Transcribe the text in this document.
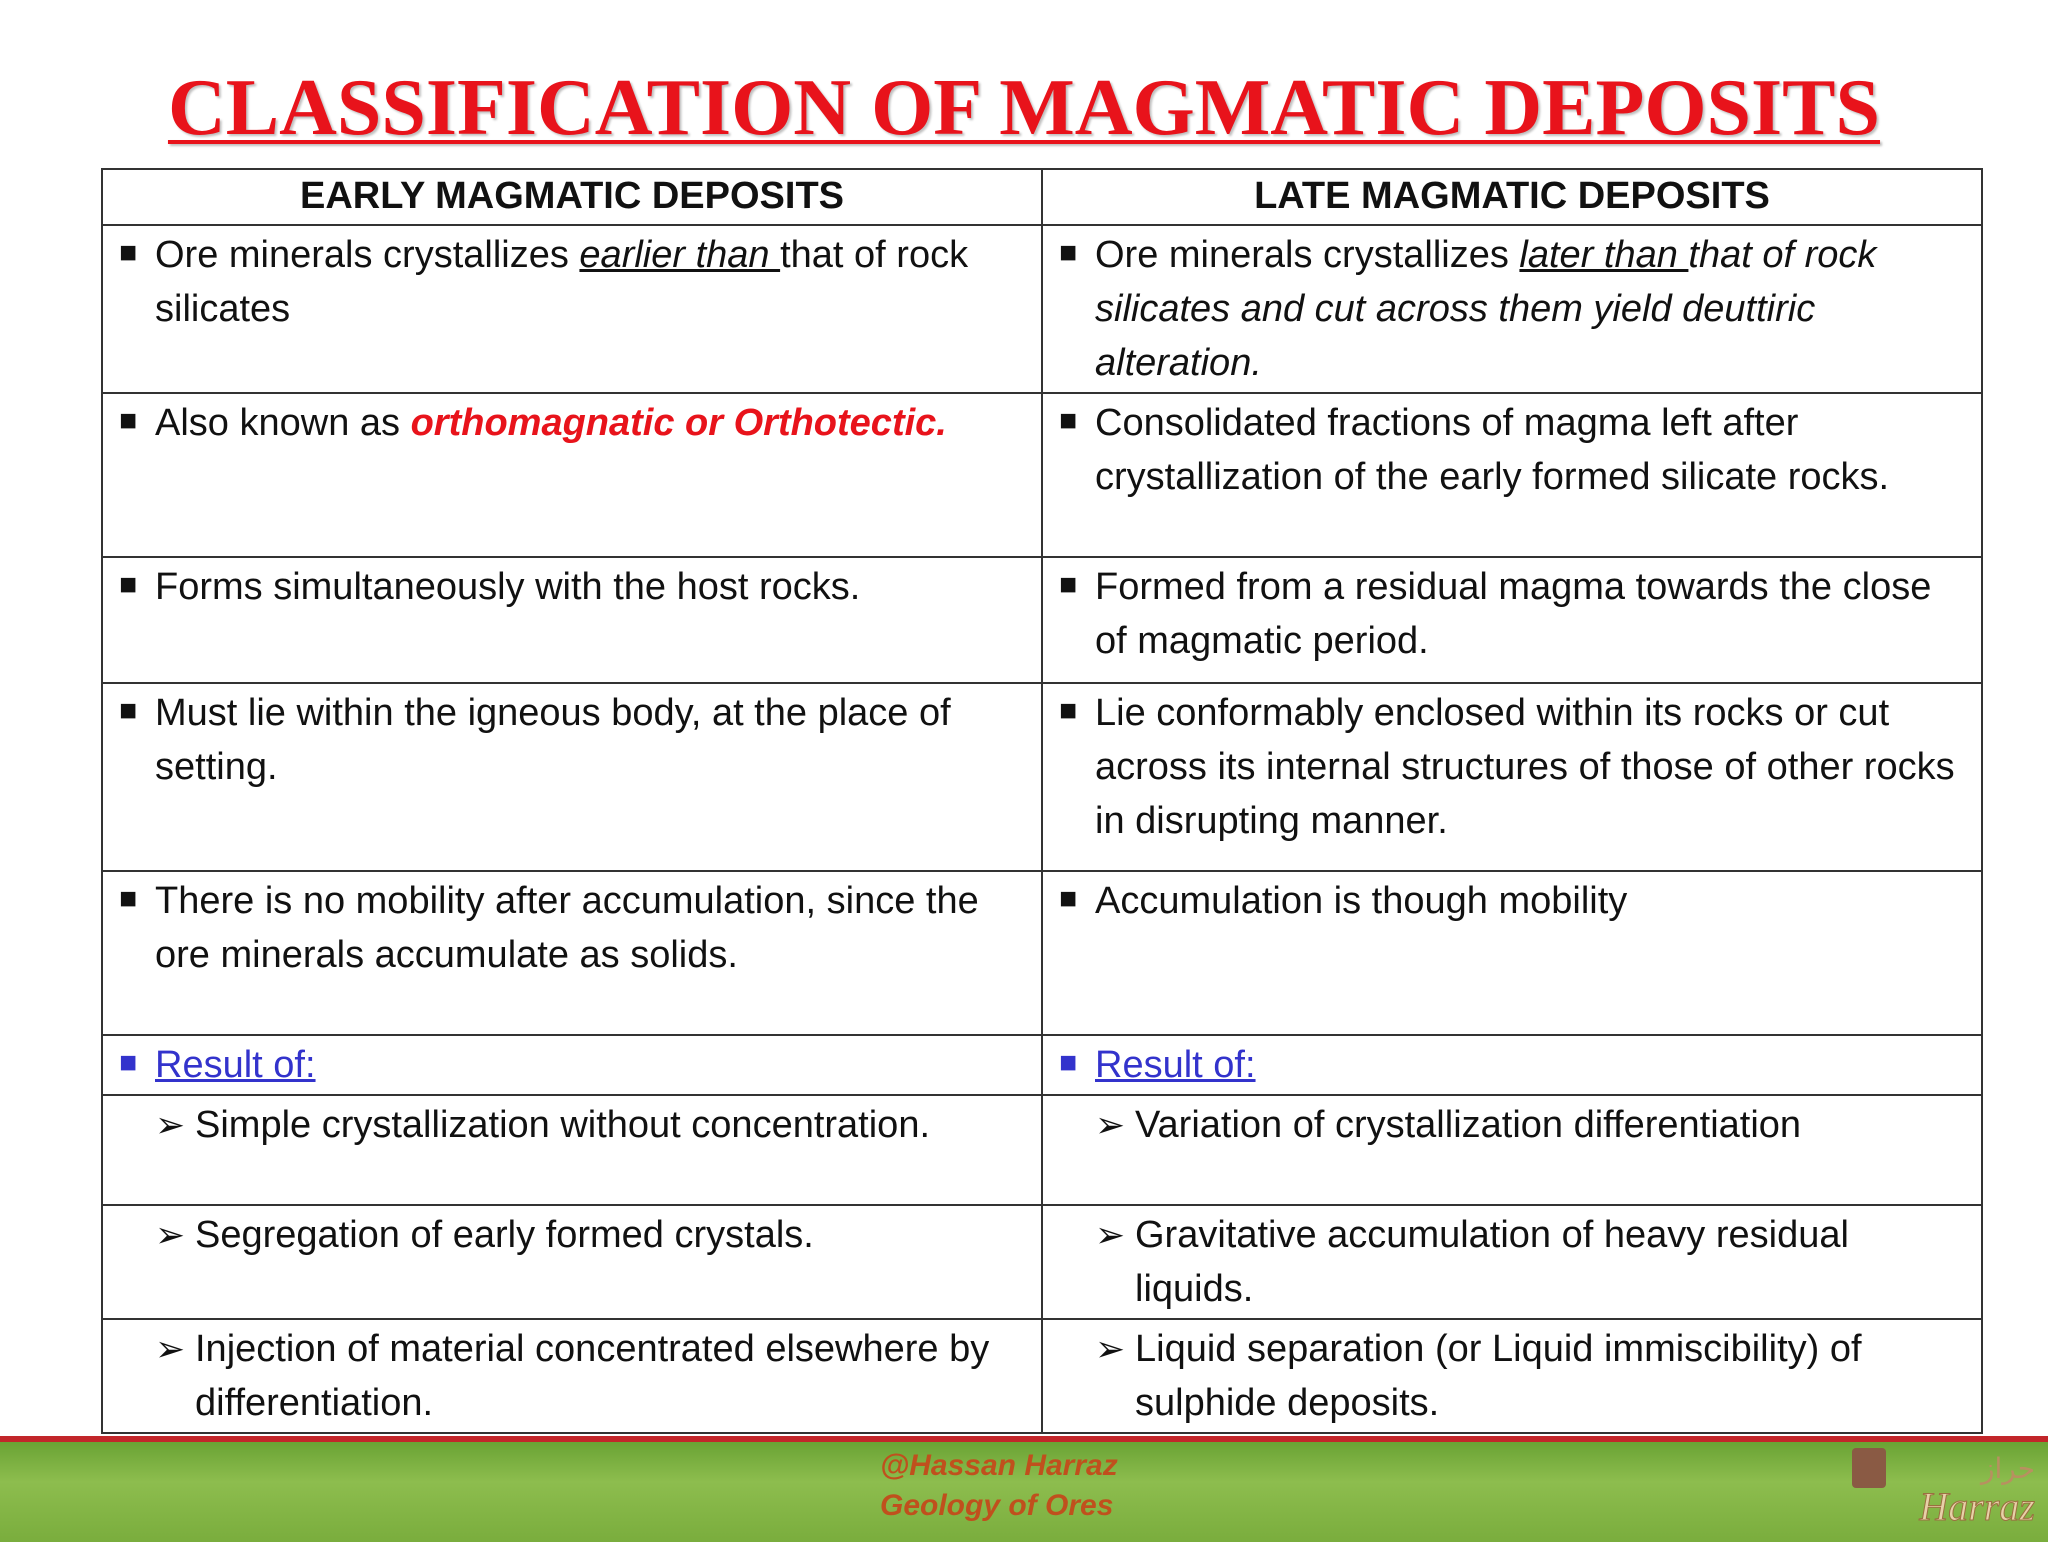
CLASSIFICATION OF MAGMATIC DEPOSITS
EARLY MAGMATIC DEPOSITS	LATE MAGMATIC DEPOSITS

■ Ore minerals crystallizes earlier than that of rock silicates	■ Ore minerals crystallizes later than that of rock silicates and cut across them yield deuttiric alteration.

■ Also known as orthomagnatic or Orthotectic.	■ Consolidated fractions of magma left after crystallization of the early formed silicate rocks.

■ Forms simultaneously with the host rocks.	■ Formed from a residual magma towards the close of magmatic period.

■ Must lie within the igneous body, at the place of setting.	■ Lie conformably enclosed within its rocks or cut across its internal structures of those of other rocks in disrupting manner.

■ There is no mobility after accumulation, since the ore minerals accumulate as solids.	■ Accumulation is though mobility

■ Result of:	■ Result of:

➢ Simple crystallization without concentration.	➢ Variation of crystallization differentiation

➢ Segregation of early formed crystals.	➢ Gravitative accumulation of heavy residual liquids.

➢ Injection of material concentrated elsewhere by differentiation.	➢ Liquid separation (or Liquid immiscibility) of sulphide deposits.
@Hassan Harraz
Geology of Ores
حراز
Harraz
